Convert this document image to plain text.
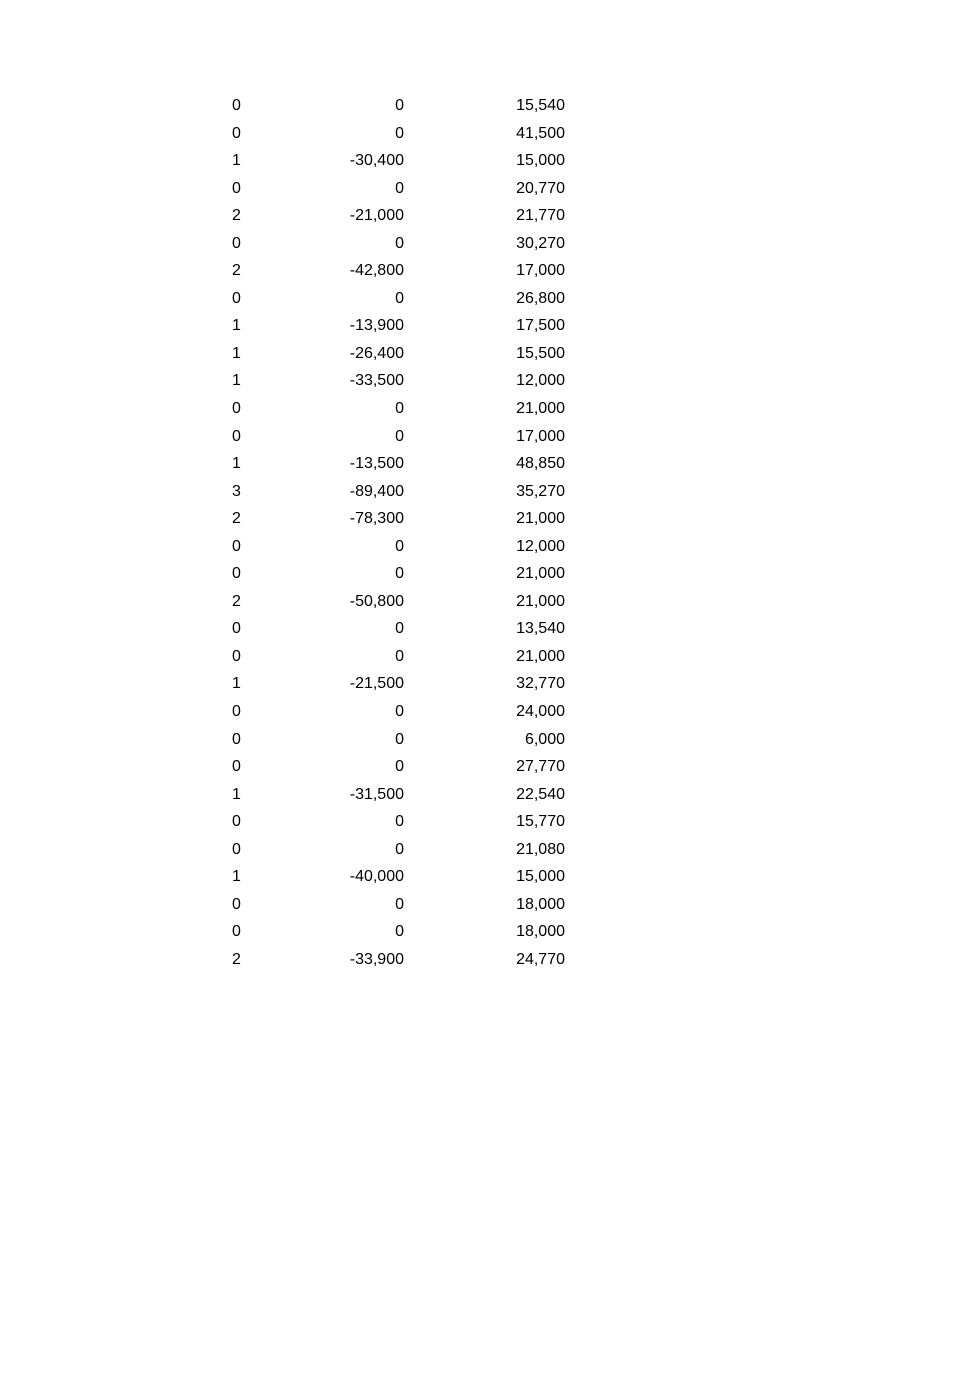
0	0	15,540
0	0	41,500
1	-30,400	15,000
0	0	20,770
2	-21,000	21,770
0	0	30,270
2	-42,800	17,000
0	0	26,800
1	-13,900	17,500
1	-26,400	15,500
1	-33,500	12,000
0	0	21,000
0	0	17,000
1	-13,500	48,850
3	-89,400	35,270
2	-78,300	21,000
0	0	12,000
0	0	21,000
2	-50,800	21,000
0	0	13,540
0	0	21,000
1	-21,500	32,770
0	0	24,000
0	0	6,000
0	0	27,770
1	-31,500	22,540
0	0	15,770
0	0	21,080
1	-40,000	15,000
0	0	18,000
0	0	18,000
2	-33,900	24,770
